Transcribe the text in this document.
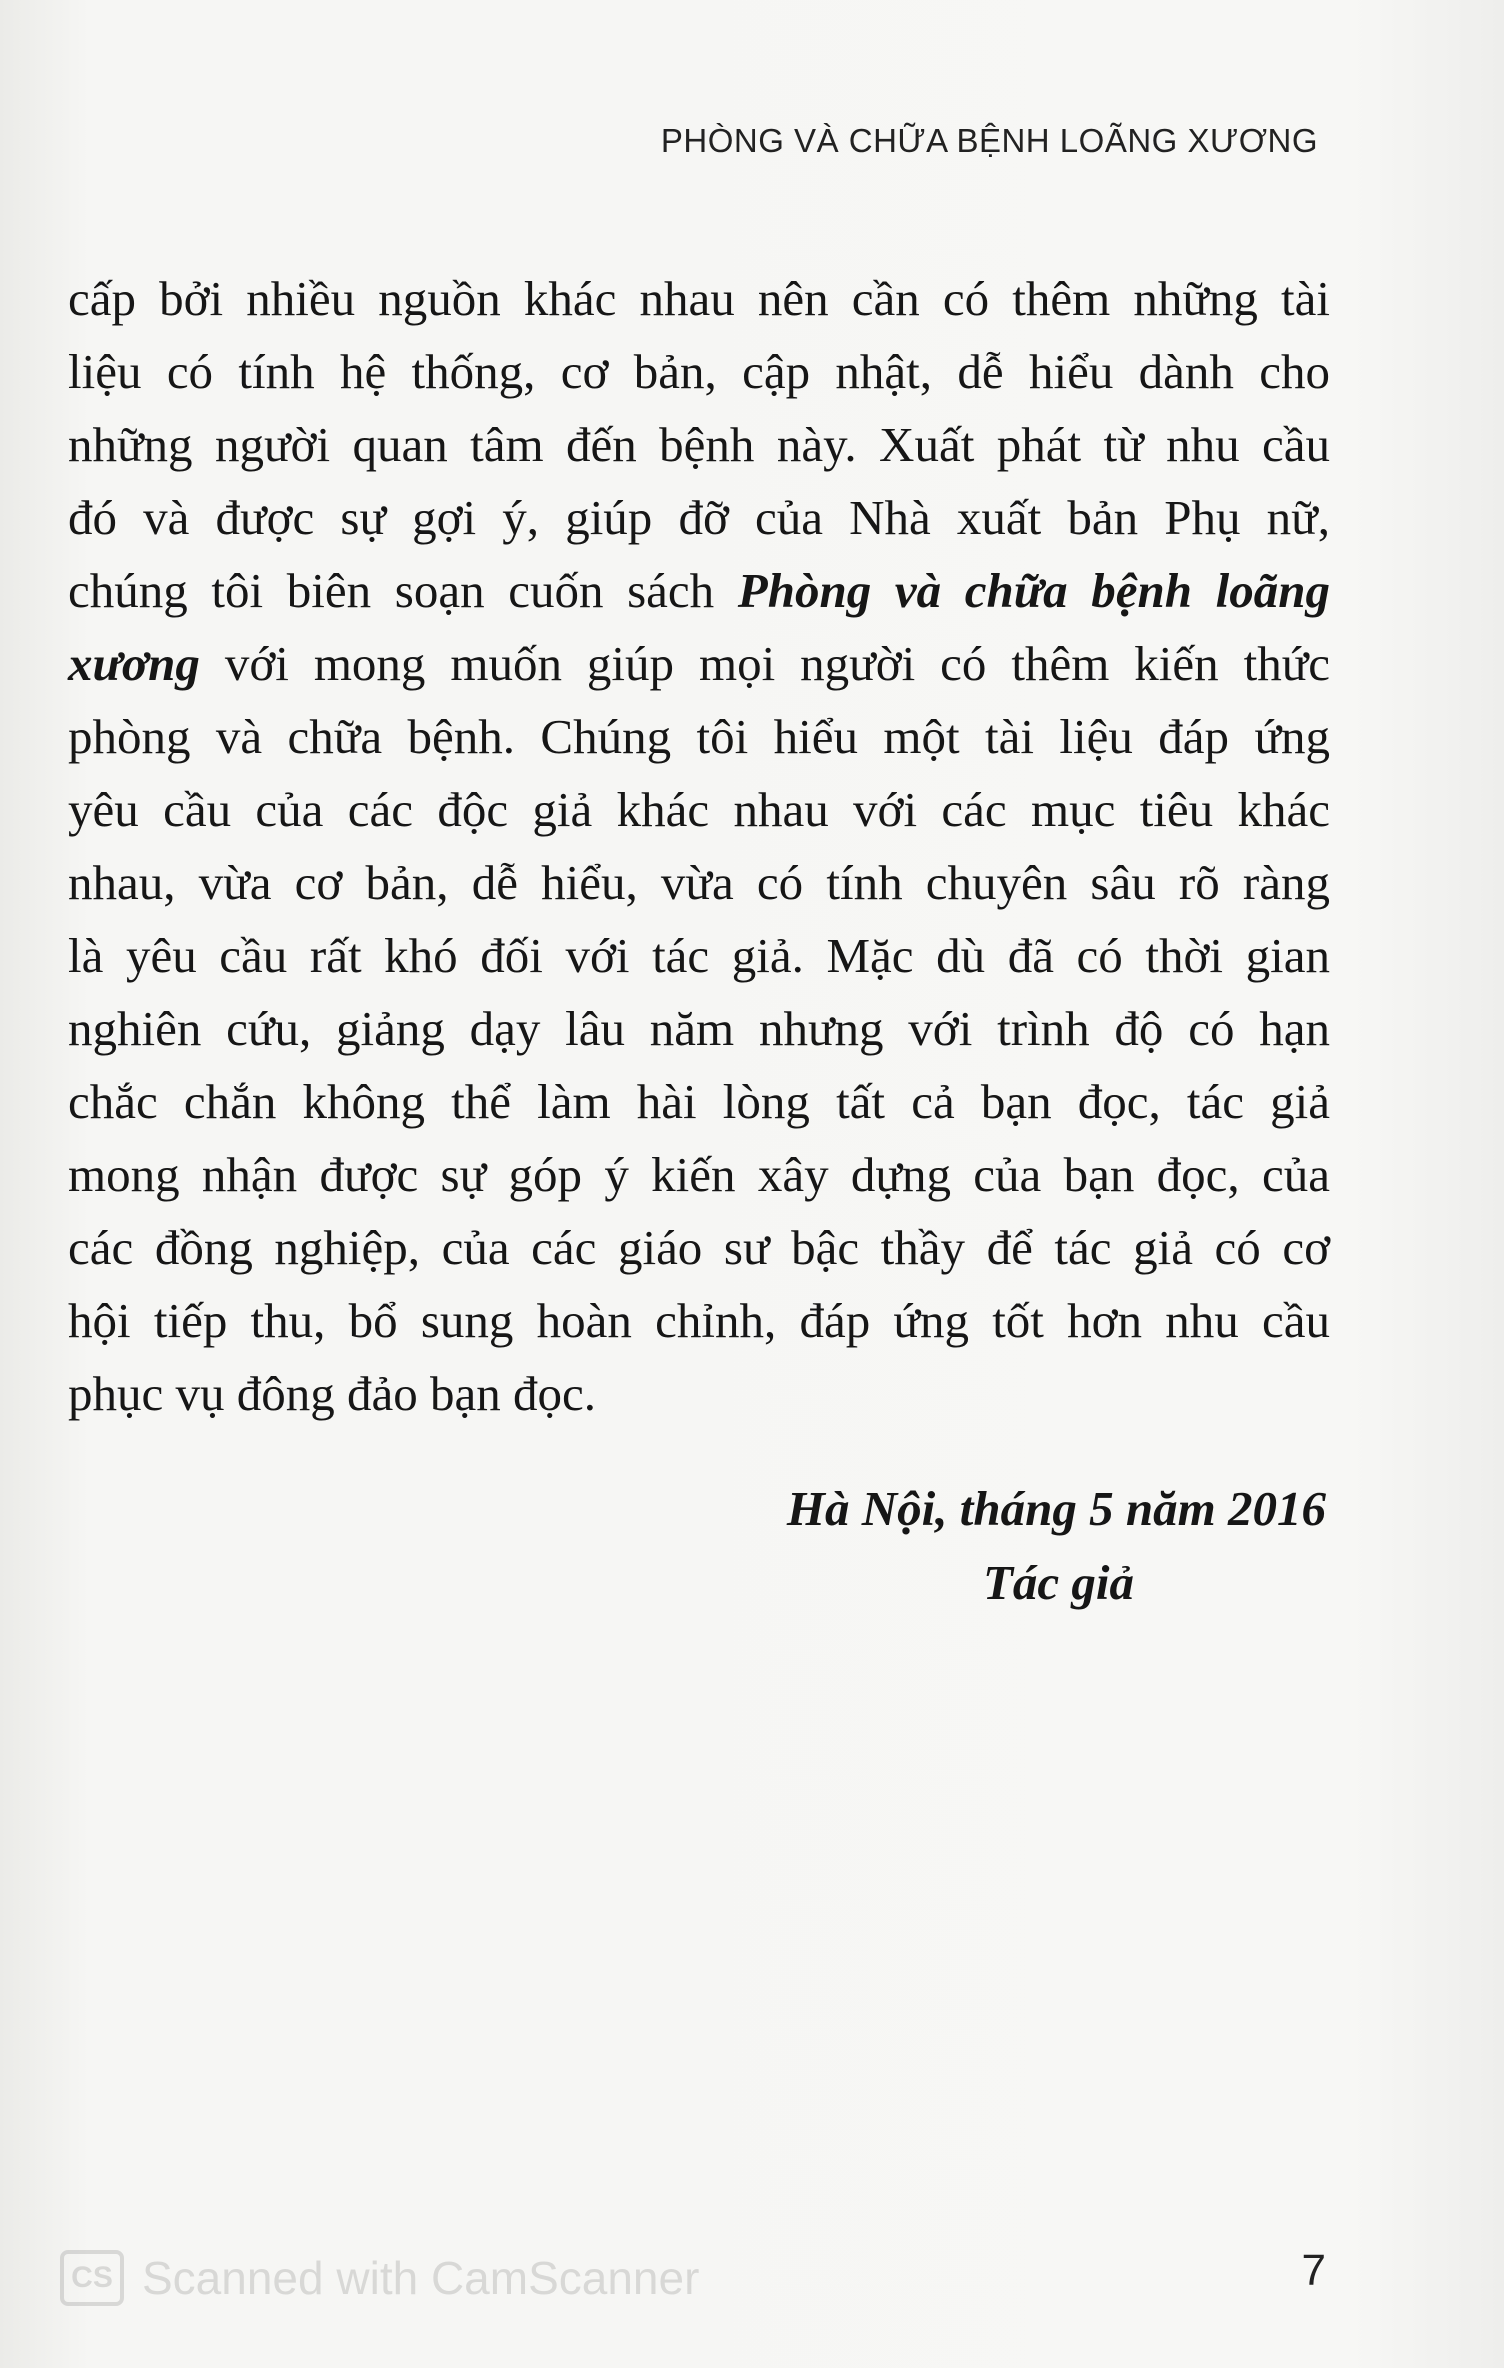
PHÒNG VÀ CHỮA BỆNH LOÃNG XƯƠNG
cấp bởi nhiều nguồn khác nhau nên cần có thêm những tài
liệu có tính hệ thống, cơ bản, cập nhật, dễ hiểu dành cho
những người quan tâm đến bệnh này. Xuất phát từ nhu cầu
đó và được sự gợi ý, giúp đỡ của Nhà xuất bản Phụ nữ,
chúng tôi biên soạn cuốn sách Phòng và chữa bệnh loãng
xương với mong muốn giúp mọi người có thêm kiến thức
phòng và chữa bệnh. Chúng tôi hiểu một tài liệu đáp ứng
yêu cầu của các độc giả khác nhau với các mục tiêu khác
nhau, vừa cơ bản, dễ hiểu, vừa có tính chuyên sâu rõ ràng
là yêu cầu rất khó đối với tác giả. Mặc dù đã có thời gian
nghiên cứu, giảng dạy lâu năm nhưng với trình độ có hạn
chắc chắn không thể làm hài lòng tất cả bạn đọc, tác giả
mong nhận được sự góp ý kiến xây dựng của bạn đọc, của
các đồng nghiệp, của các giáo sư bậc thầy để tác giả có cơ
hội tiếp thu, bổ sung hoàn chỉnh, đáp ứng tốt hơn nhu cầu
phục vụ đông đảo bạn đọc.
Hà Nội, tháng 5 năm 2016
Tác giả
CS Scanned with CamScanner	7
